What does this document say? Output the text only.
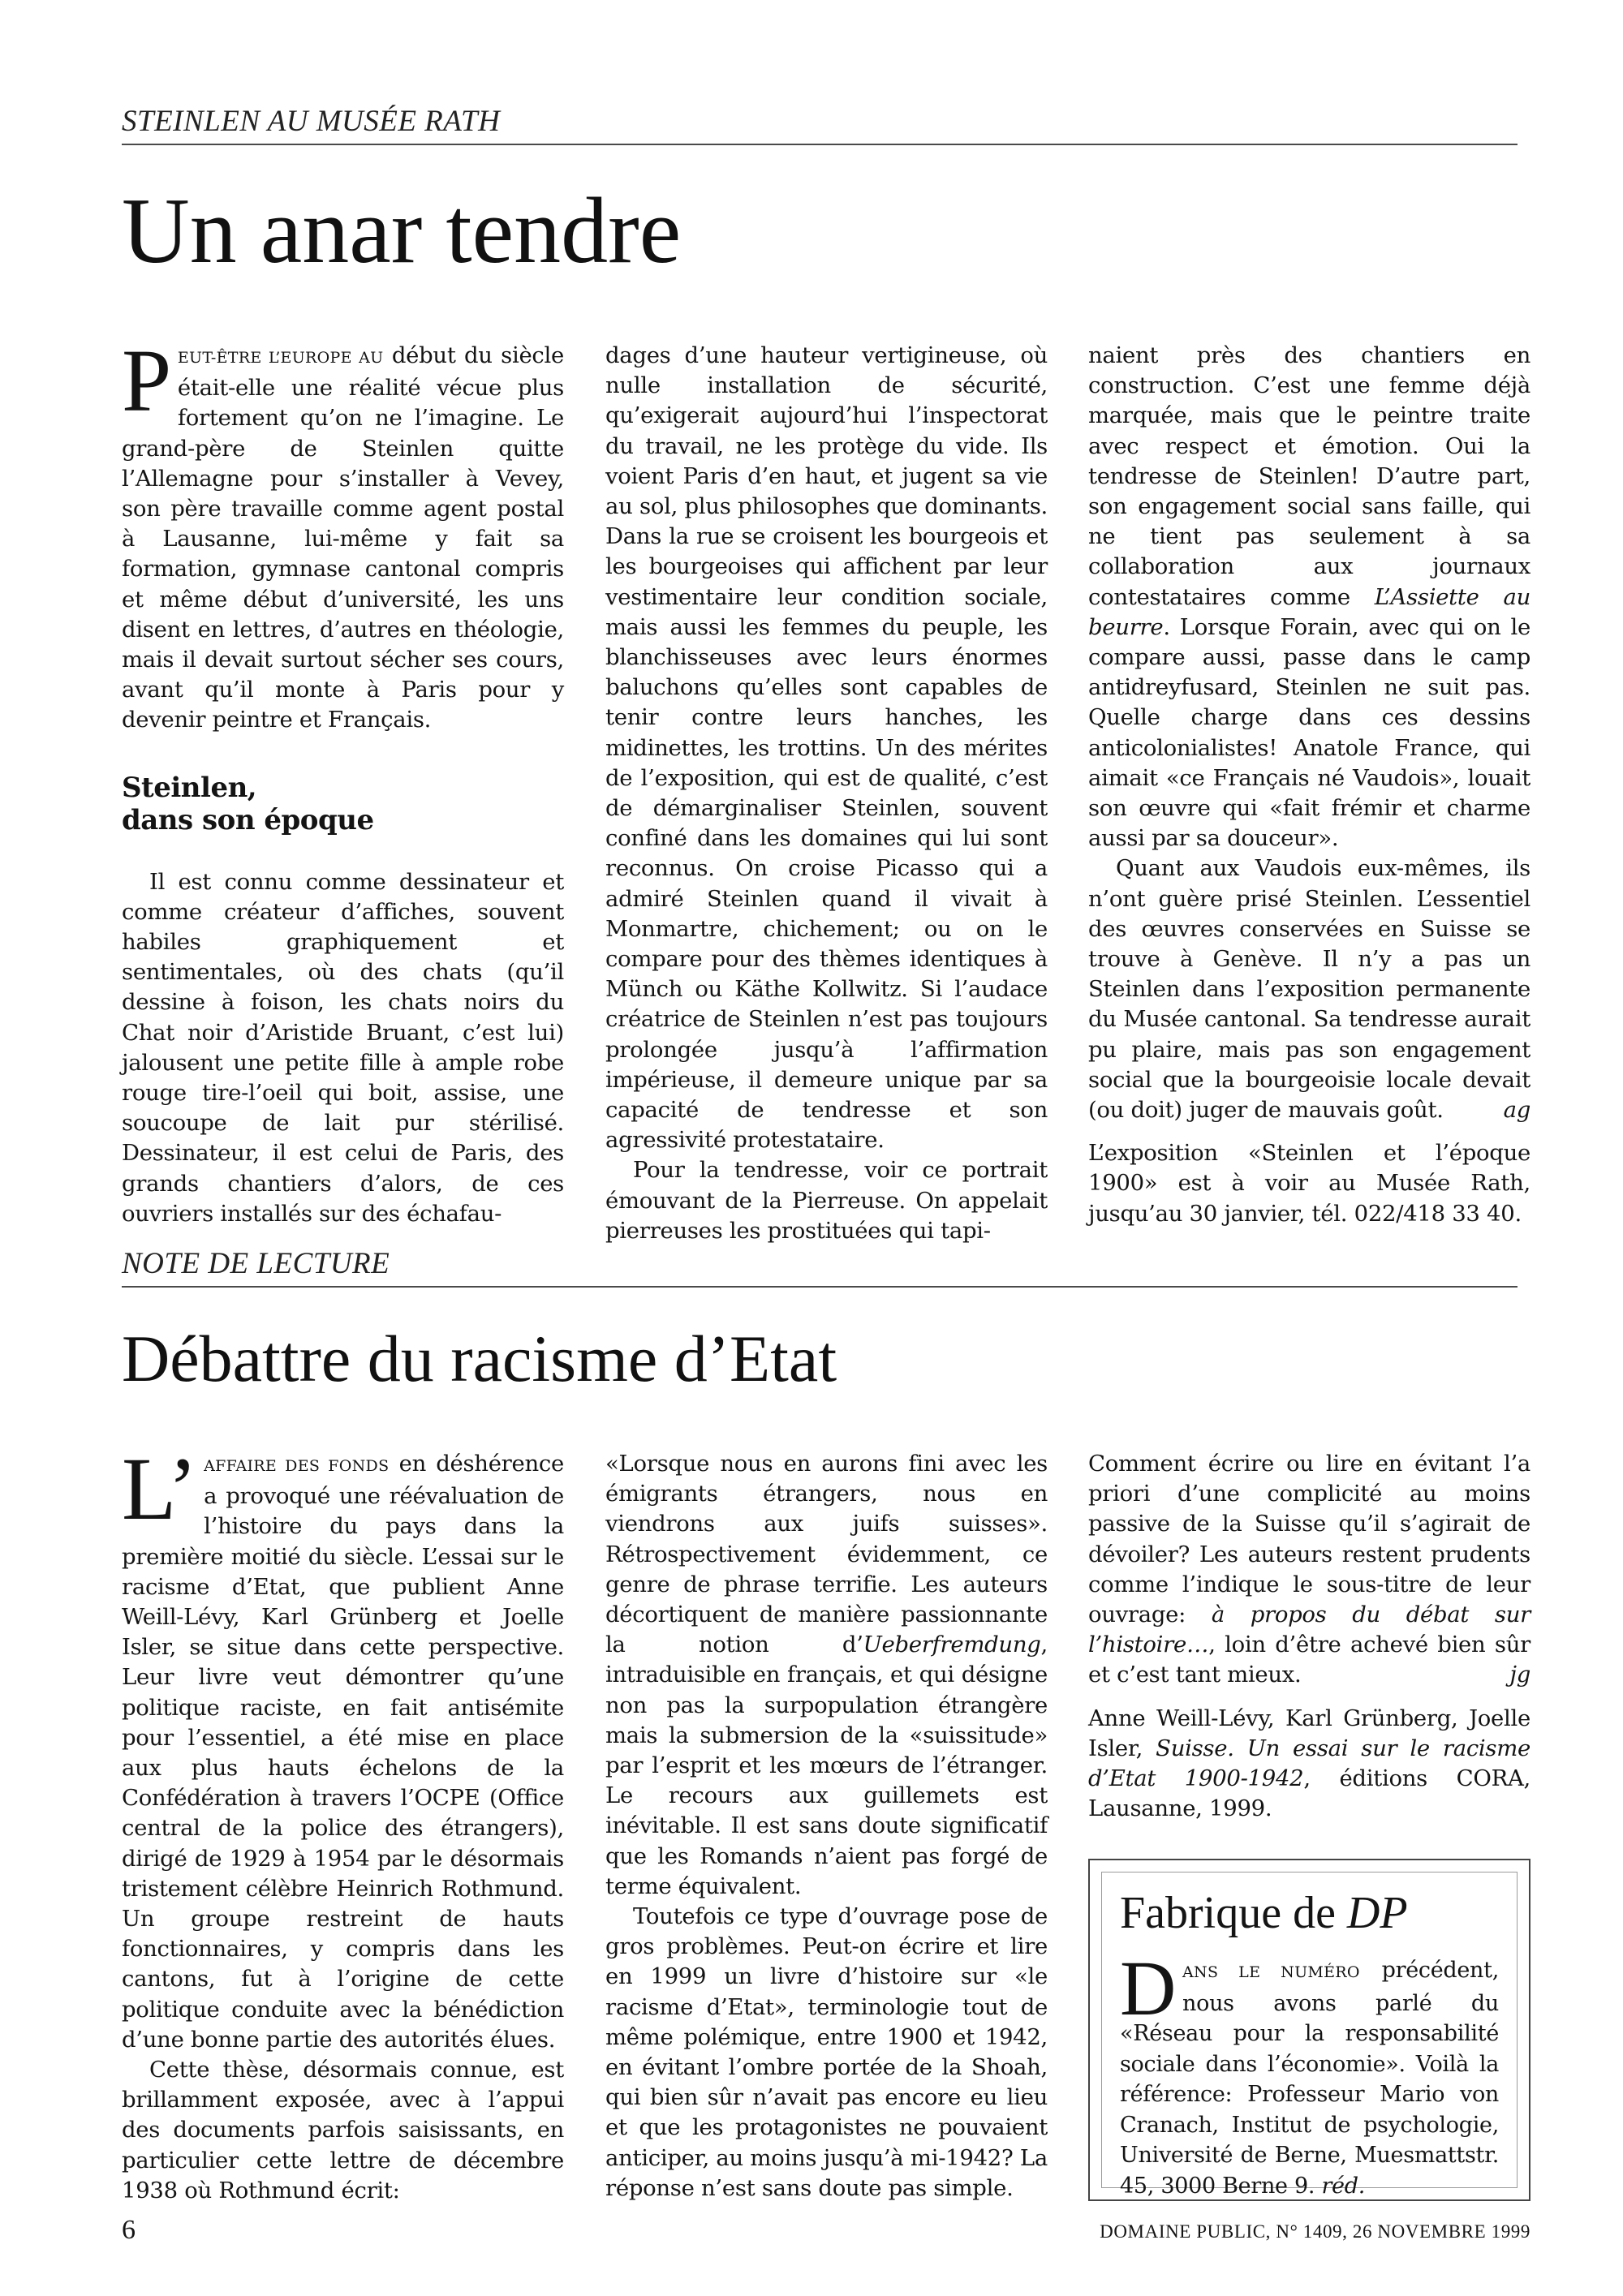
STEINLEN AU MUSÉE RATH
Un anar tendre

PEUT-ÊTRE L’EUROPE AU début du siècle était-elle une réalité vécue plus fortement qu’on ne l’imagine. Le grand-père de Steinlen quitte l’Allemagne pour s’installer à Vevey, son père travaille comme agent postal à Lausanne, lui-même y fait sa formation, gymnase cantonal compris et même début d’université, les uns disent en lettres, d’autres en théologie, mais il devait surtout sécher ses cours, avant qu’il monte à Paris pour y devenir peintre et Français.

Steinlen,
dans son époque

Il est connu comme dessinateur et comme créateur d’affiches, souvent habiles graphiquement et sentimentales, où des chats (qu’il dessine à foison, les chats noirs du Chat noir d’Aristide Bruant, c’est lui) jalousent une petite fille à ample robe rouge tire-l’oeil qui boit, assise, une soucoupe de lait pur stérilisé. Dessinateur, il est celui de Paris, des grands chantiers d’alors, de ces ouvriers installés sur des échafau-

dages d’une hauteur vertigineuse, où nulle installation de sécurité, qu’exigerait aujourd’hui l’inspectorat du travail, ne les protège du vide. Ils voient Paris d’en haut, et jugent sa vie au sol, plus philosophes que dominants. Dans la rue se croisent les bourgeois et les bourgeoises qui affichent par leur vestimentaire leur condition sociale, mais aussi les femmes du peuple, les blanchisseuses avec leurs énormes baluchons qu’elles sont capables de tenir contre leurs hanches, les midinettes, les trottins. Un des mérites de l’exposition, qui est de qualité, c’est de démarginaliser Steinlen, souvent confiné dans les domaines qui lui sont reconnus. On croise Picasso qui a admiré Steinlen quand il vivait à Monmartre, chichement; ou on le compare pour des thèmes identiques à Münch ou Käthe Kollwitz. Si l’audace créatrice de Steinlen n’est pas toujours prolongée jusqu’à l’affirmation impérieuse, il demeure unique par sa capacité de tendresse et son agressivité protestataire.

Pour la tendresse, voir ce portrait émouvant de la Pierreuse. On appelait pierreuses les prostituées qui tapi-

naient près des chantiers en construction. C’est une femme déjà marquée, mais que le peintre traite avec respect et émotion. Oui la tendresse de Steinlen! D’autre part, son engagement social sans faille, qui ne tient pas seulement à sa collaboration aux journaux contestataires comme L’Assiette au beurre. Lorsque Forain, avec qui on le compare aussi, passe dans le camp antidreyfusard, Steinlen ne suit pas. Quelle charge dans ces dessins anticolonialistes! Anatole France, qui aimait «ce Français né Vaudois», louait son œuvre qui «fait frémir et charme aussi par sa douceur».

Quant aux Vaudois eux-mêmes, ils n’ont guère prisé Steinlen. L’essentiel des œuvres conservées en Suisse se trouve à Genève. Il n’y a pas un Steinlen dans l’exposition permanente du Musée cantonal. Sa tendresse aurait pu plaire, mais pas son engagement social que la bourgeoisie locale devait (ou doit) juger de mauvais goût.	ag

L’exposition «Steinlen et l’époque 1900» est à voir au Musée Rath, jusqu’au 30 janvier, tél. 022/418 33 40.

NOTE DE LECTURE
Débattre du racisme d’Etat

L’ AFFAIRE DES FONDS en déshérence a provoqué une réévaluation de l’histoire du pays dans la première moitié du siècle. L’essai sur le racisme d’Etat, que publient Anne Weill-Lévy, Karl Grünberg et Joelle Isler, se situe dans cette perspective. Leur livre veut démontrer qu’une politique raciste, en fait antisémite pour l’essentiel, a été mise en place aux plus hauts échelons de la Confédération à travers l’OCPE (Office central de la police des étrangers), dirigé de 1929 à 1954 par le désormais tristement célèbre Heinrich Rothmund. Un groupe restreint de hauts fonctionnaires, y compris dans les cantons, fut à l’origine de cette politique conduite avec la bénédiction d’une bonne partie des autorités élues.

Cette thèse, désormais connue, est brillamment exposée, avec à l’appui des documents parfois saisissants, en particulier cette lettre de décembre 1938 où Rothmund écrit:

«Lorsque nous en aurons fini avec les émigrants étrangers, nous en viendrons aux juifs suisses». Rétrospectivement évidemment, ce genre de phrase terrifie. Les auteurs décortiquent de manière passionnante la notion d’Ueberfremdung, intraduisible en français, et qui désigne non pas la surpopulation étrangère mais la submersion de la «suissitude» par l’esprit et les mœurs de l’étranger. Le recours aux guillemets est inévitable. Il est sans doute significatif que les Romands n’aient pas forgé de terme équivalent.

Toutefois ce type d’ouvrage pose de gros problèmes. Peut-on écrire et lire en 1999 un livre d’histoire sur «le racisme d’Etat», terminologie tout de même polémique, entre 1900 et 1942, en évitant l’ombre portée de la Shoah, qui bien sûr n’avait pas encore eu lieu et que les protagonistes ne pouvaient anticiper, au moins jusqu’à mi-1942? La réponse n’est sans doute pas simple.

Comment écrire ou lire en évitant l’a priori d’une complicité au moins passive de la Suisse qu’il s’agirait de dévoiler? Les auteurs restent prudents comme l’indique le sous-titre de leur ouvrage: à propos du débat sur l’histoire…, loin d’être achevé bien sûr et c’est tant mieux.	jg

Anne Weill-Lévy, Karl Grünberg, Joelle Isler, Suisse. Un essai sur le racisme d’Etat 1900-1942, éditions CORA, Lausanne, 1999.

Fabrique de DP
DANS LE NUMÉRO précédent, nous avons parlé du «Réseau pour la responsabilité sociale dans l’économie». Voilà la référence: Professeur Mario von Cranach, Institut de psychologie, Université de Berne, Muesmattstr. 45, 3000 Berne 9. réd.
6	DOMAINE PUBLIC, N° 1409, 26 NOVEMBRE 1999
